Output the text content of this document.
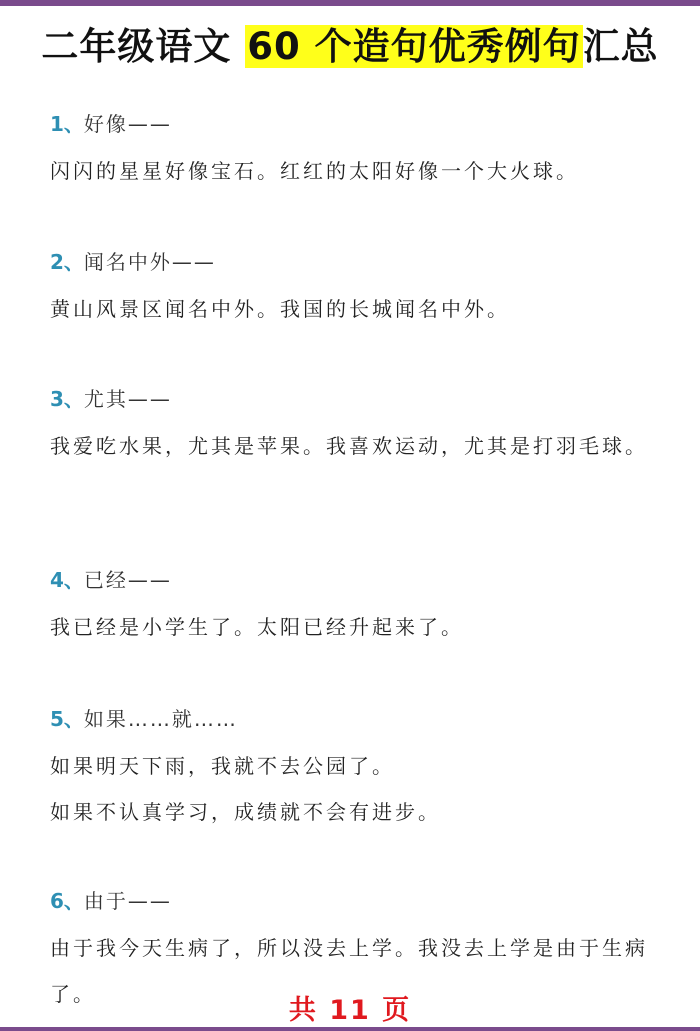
二年级语文 60 个造句优秀例句汇总
1、好像——
闪闪的星星好像宝石。红红的太阳好像一个大火球。
2、闻名中外——
黄山风景区闻名中外。我国的长城闻名中外。
3、尤其——
我爱吃水果，尤其是苹果。我喜欢运动，尤其是打羽毛球。
4、已经——
我已经是小学生了。太阳已经升起来了。
5、如果……就……
如果明天下雨，我就不去公园了。
如果不认真学习，成绩就不会有进步。
6、由于——
由于我今天生病了，所以没去上学。我没去上学是由于生病了。
共 11 页
